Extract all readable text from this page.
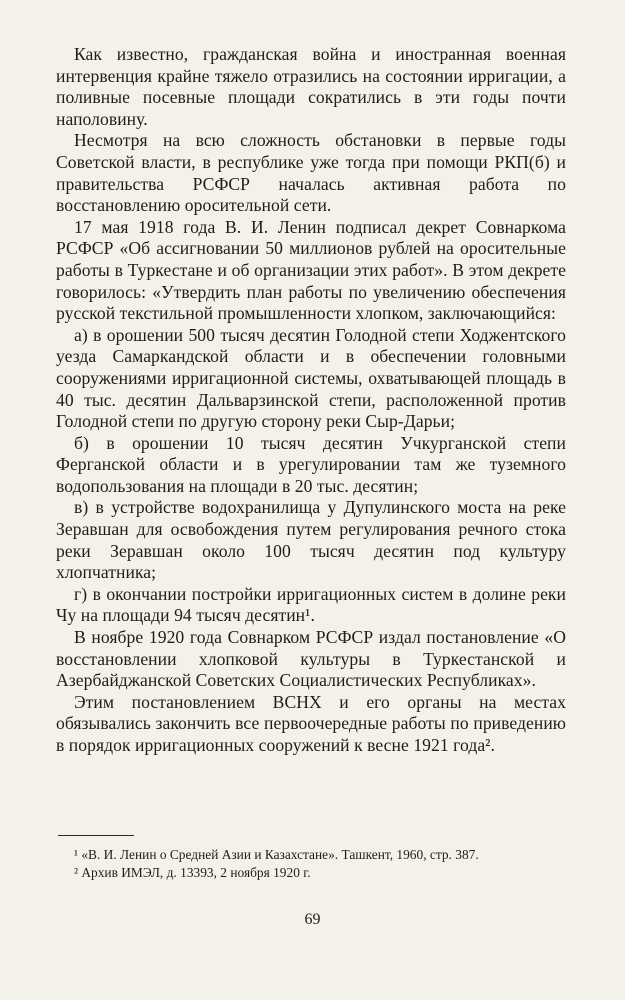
Как известно, гражданская война и иностранная военная интервенция крайне тяжело отразились на состоянии ирригации, а поливные посевные площади сократились в эти годы почти наполовину.

Несмотря на всю сложность обстановки в первые годы Советской власти, в республике уже тогда при помощи РКП(б) и правительства РСФСР началась активная работа по восстановлению оросительной сети.

17 мая 1918 года В. И. Ленин подписал декрет Совнаркома РСФСР «Об ассигновании 50 миллионов рублей на оросительные работы в Туркестане и об организации этих работ». В этом декрете говорилось: «Утвердить план работы по увеличению обеспечения русской текстильной промышленности хлопком, заключающийся:

а) в орошении 500 тысяч десятин Голодной степи Ходжентского уезда Самаркандской области и в обеспечении головными сооружениями ирригационной системы, охватывающей площадь в 40 тыс. десятин Дальварзинской степи, расположенной против Голодной степи по другую сторону реки Сыр-Дарьи;

б) в орошении 10 тысяч десятин Учкурганской степи Ферганской области и в урегулировании там же туземного водопользования на площади в 20 тыс. десятин;

в) в устройстве водохранилища у Дупулинского моста на реке Зеравшан для освобождения путем регулирования речного стока реки Зеравшан около 100 тысяч десятин под культуру хлопчатника;

г) в окончании постройки ирригационных систем в долине реки Чу на площади 94 тысяч десятин¹.

В ноябре 1920 года Совнарком РСФСР издал постановление «О восстановлении хлопковой культуры в Туркестанской и Азербайджанской Советских Социалистических Республиках».

Этим постановлением ВСНХ и его органы на местах обязывались закончить все первоочередные работы по приведению в порядок ирригационных сооружений к весне 1921 года².

¹ «В. И. Ленин о Средней Азии и Казахстане». Ташкент, 1960, стр. 387.

² Архив ИМЭЛ, д. 13393, 2 ноября 1920 г.

69
